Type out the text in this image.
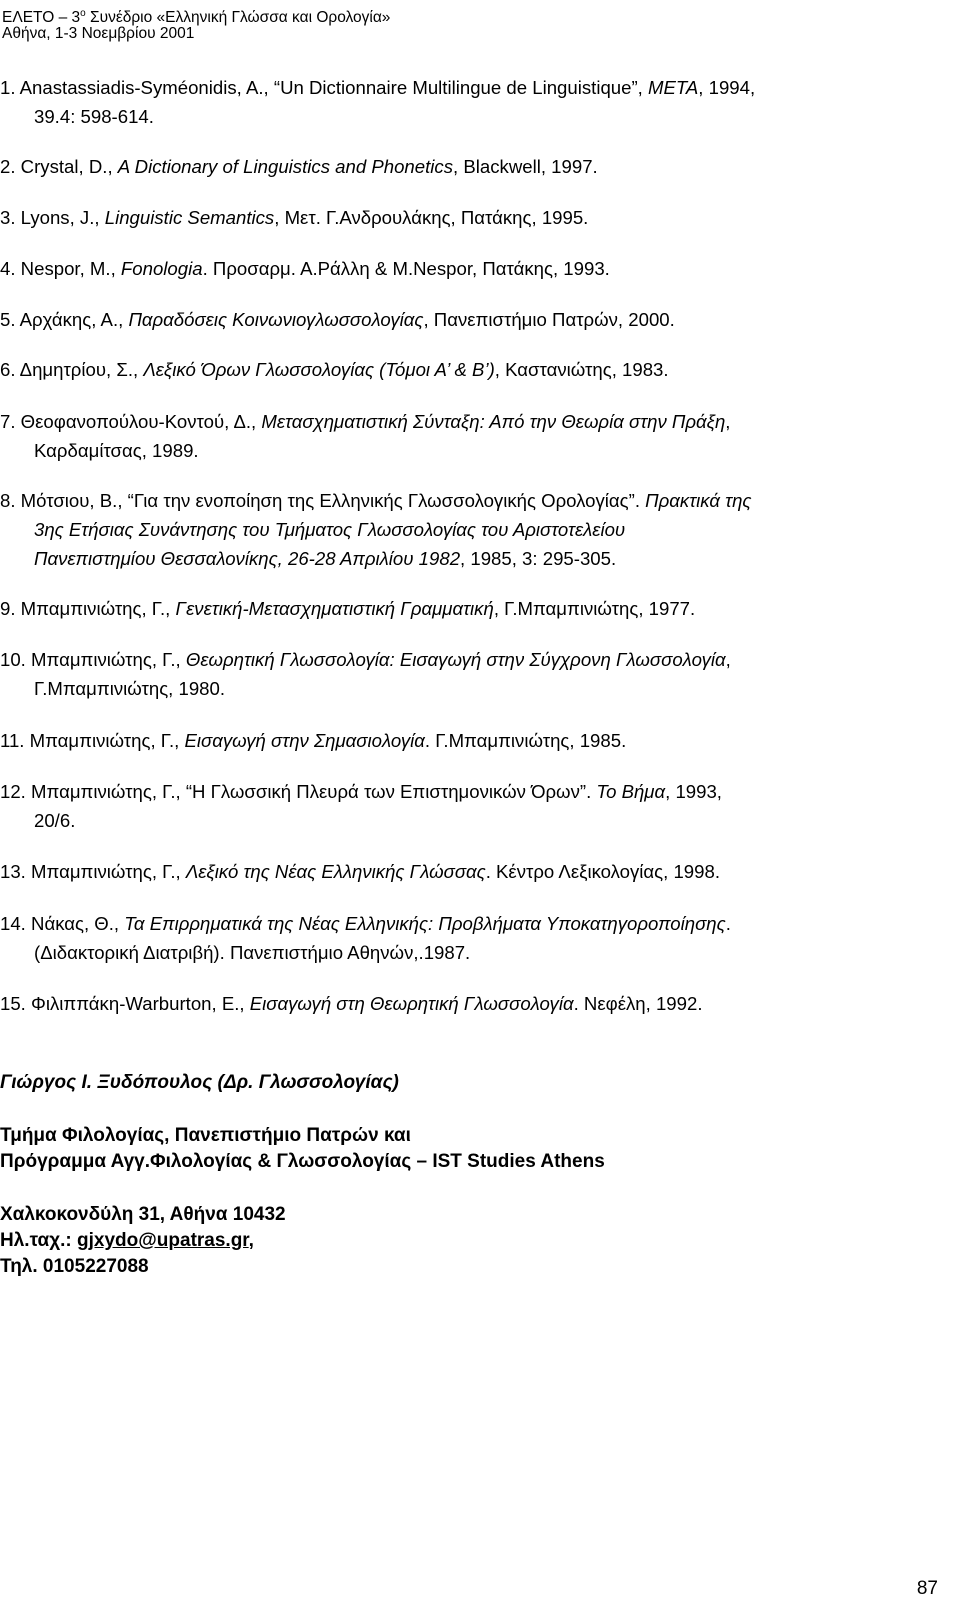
ΕΛΕΤΟ – $3^o$ Συνέδριο «Ελληνική Γλώσσα και Ορολογία»
Αθήνα, 1-3 Νοεμβρίου 2001
1. Anastassiadis-Syméonidis, A., “Un Dictionnaire Multilingue de Linguistique”, META, 1994,
39.4: 598-614.
2. Crystal, D., A Dictionary of Linguistics and Phonetics, Blackwell, 1997.
3. Lyons, J., Linguistic Semantics, Μετ. Γ.Ανδρουλάκης, Πατάκης, 1995.
4. Nespor, M., Fonologia. Προσαρμ. Α.Ράλλη & Μ.Nespor, Πατάκης, 1993.
5. Αρχάκης, Α., Παραδόσεις Κοινωνιογλωσσολογίας, Πανεπιστήμιο Πατρών, 2000.
6. Δημητρίου, Σ., Λεξικό Όρων Γλωσσολογίας (Τόμοι Α’ & Β’), Καστανιώτης, 1983.
7. Θεοφανοπούλου-Κοντού, Δ., Μετασχηματιστική Σύνταξη: Από την Θεωρία στην Πράξη,
Καρδαμίτσας, 1989.
8. Μότσιου, Β., “Για την ενοποίηση της Ελληνικής Γλωσσολογικής Ορολογίας”. Πρακτικά της
3ης Ετήσιας Συνάντησης του Τμήματος Γλωσσολογίας του Αριστοτελείου
Πανεπιστημίου Θεσσαλονίκης, 26-28 Απριλίου 1982, 1985, 3: 295-305.
9. Μπαμπινιώτης, Γ., Γενετική-Μετασχηματιστική Γραμματική, Γ.Μπαμπινιώτης, 1977.
10. Μπαμπινιώτης, Γ., Θεωρητική Γλωσσολογία: Εισαγωγή στην Σύγχρονη Γλωσσολογία,
Γ.Μπαμπινιώτης, 1980.
11. Μπαμπινιώτης, Γ., Εισαγωγή στην Σημασιολογία. Γ.Μπαμπινιώτης, 1985.
12. Μπαμπινιώτης, Γ., “Η Γλωσσική Πλευρά των Επιστημονικών Όρων”. Το Βήμα, 1993,
20/6.
13. Μπαμπινιώτης, Γ., Λεξικό της Νέας Ελληνικής Γλώσσας. Κέντρο Λεξικολογίας, 1998.
14. Νάκας, Θ., Τα Επιρρηματικά της Νέας Ελληνικής: Προβλήματα Υποκατηγοροποίησης.
(Διδακτορική Διατριβή). Πανεπιστήμιο Αθηνών,.1987.
15. Φιλιππάκη-Warburton, Ε., Εισαγωγή στη Θεωρητική Γλωσσολογία. Νεφέλη, 1992.
Γιώργος Ι. Ξυδόπουλος (Δρ. Γλωσσολογίας)
Τμήμα Φιλολογίας, Πανεπιστήμιο Πατρών και
Πρόγραμμα Αγγ.Φιλολογίας & Γλωσσολογίας – IST Studies Athens
Χαλκοκονδύλη 31, Αθήνα 10432
Ηλ.ταχ.: gjxydo@upatras.gr,
Τηλ. 0105227088
87
